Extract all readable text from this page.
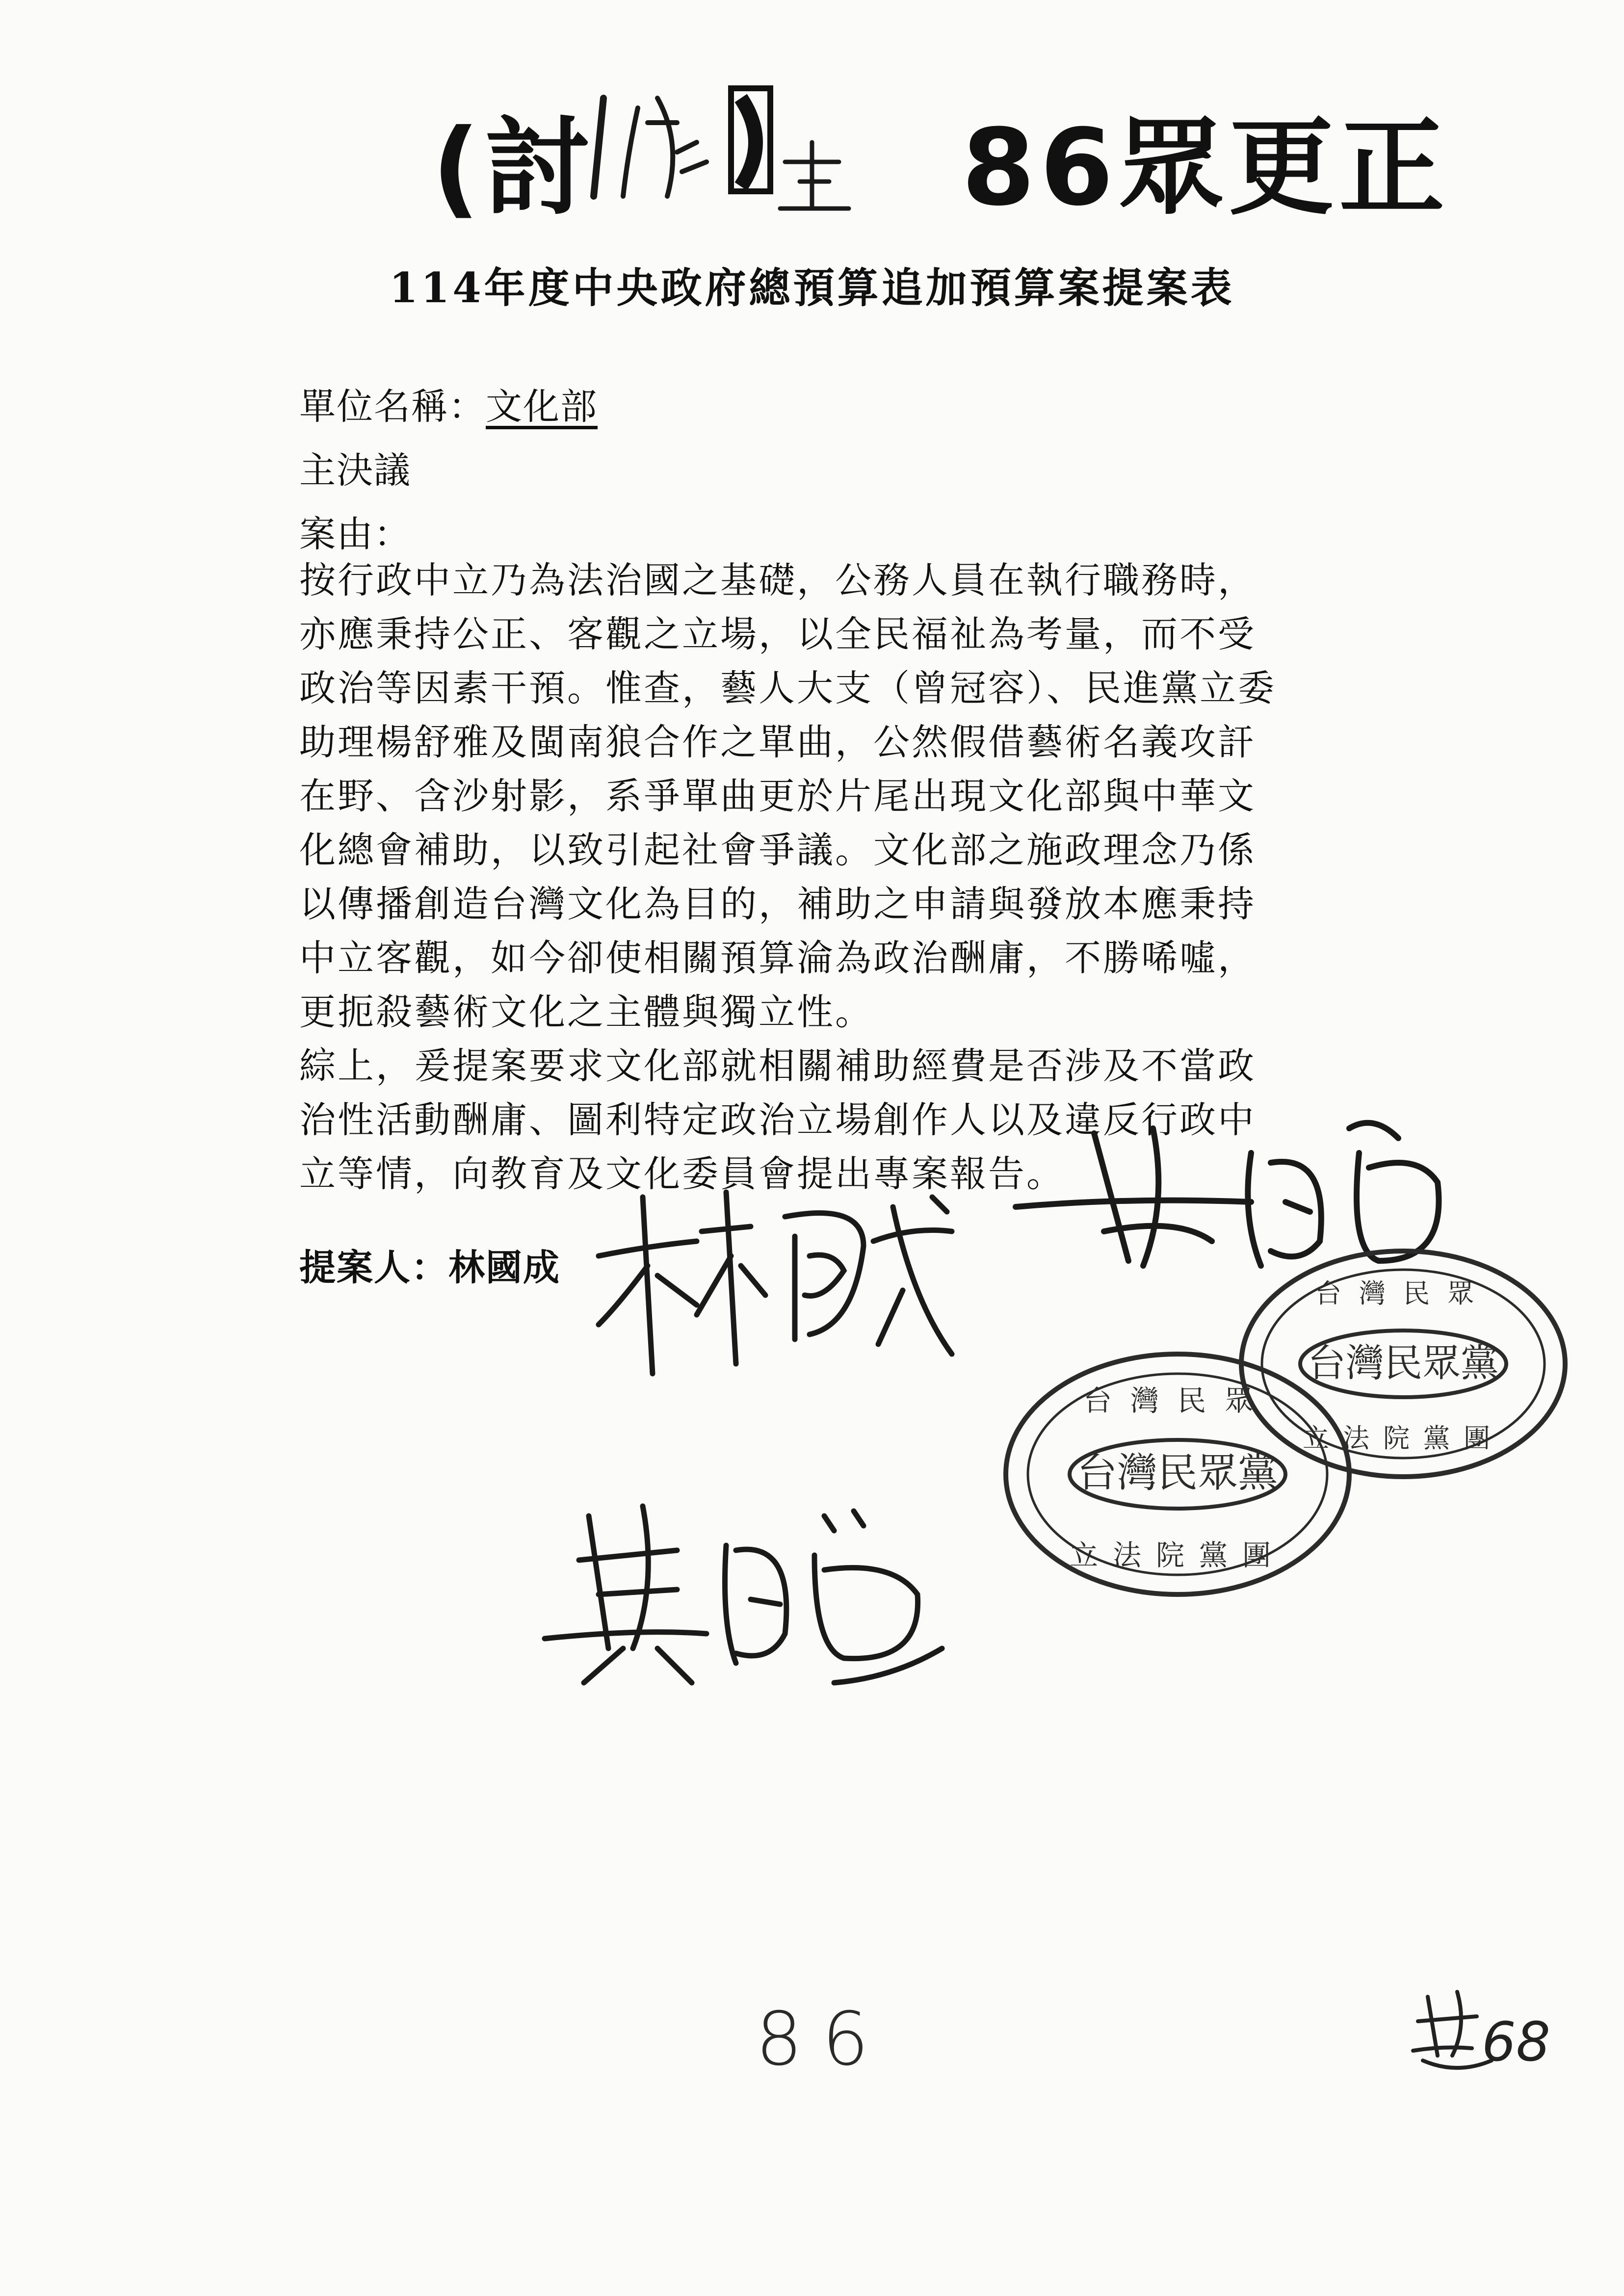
(討	86眾更正
114年度中央政府總預算追加預算案提案表
單位名稱：文化部
主決議
案由：
按行政中立乃為法治國之基礎，公務人員在執行職務時，
亦應秉持公正、客觀之立場，以全民福祉為考量，而不受
政治等因素干預。惟查，藝人大支（曾冠容）、民進黨立委
助理楊舒雅及閩南狼合作之單曲，公然假借藝術名義攻訐
在野、含沙射影，系爭單曲更於片尾出現文化部與中華文
化總會補助，以致引起社會爭議。文化部之施政理念乃係
以傳播創造台灣文化為目的，補助之申請與發放本應秉持
中立客觀，如今卻使相關預算淪為政治酬庸，不勝唏噓，
更扼殺藝術文化之主體與獨立性。
綜上，爰提案要求文化部就相關補助經費是否涉及不當政
治性活動酬庸、圖利特定政治立場創作人以及違反行政中
立等情，向教育及文化委員會提出專案報告。
提案人：林國成
台灣民眾
台灣民眾黨
立法院黨團
台灣民眾
台灣民眾黨
立法院黨團
86	68
